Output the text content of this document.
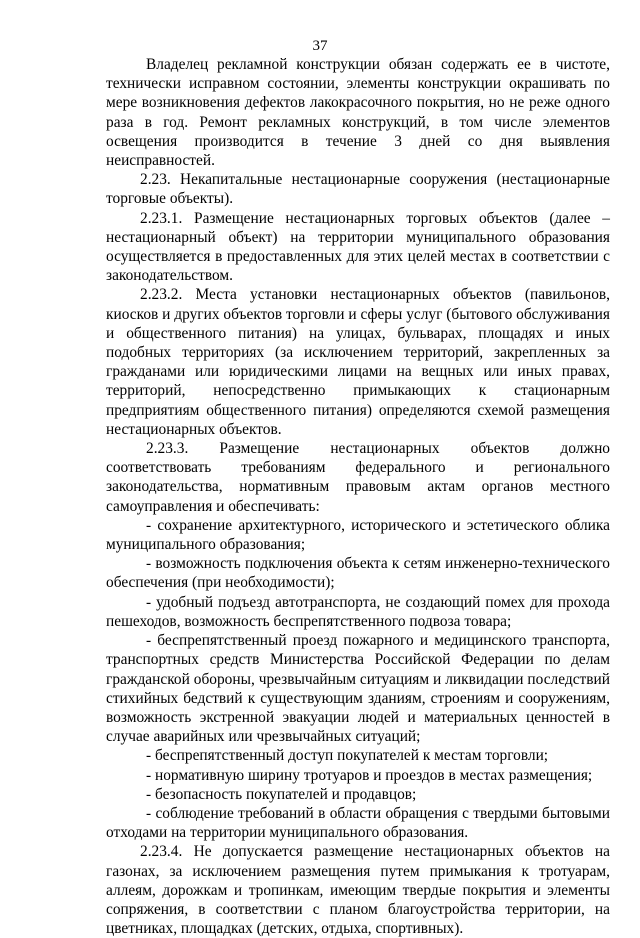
37

Владелец рекламной конструкции обязан содержать ее в чистоте, технически исправном состоянии, элементы конструкции окрашивать по мере возникновения дефектов лакокрасочного покрытия, но не реже одного раза в год. Ремонт рекламных конструкций, в том числе элементов освещения производится в течение 3 дней со дня выявления неисправностей.

2.23. Некапитальные нестационарные сооружения (нестационарные торговые объекты).

2.23.1. Размещение нестационарных торговых объектов (далее – нестационарный объект) на территории муниципального образования осуществляется в предоставленных для этих целей местах в соответствии с законодательством.

2.23.2. Места установки нестационарных объектов (павильонов, киосков и других объектов торговли и сферы услуг (бытового обслуживания и общественного питания) на улицах, бульварах, площадях и иных подобных территориях (за исключением территорий, закрепленных за гражданами или юридическими лицами на вещных или иных правах, территорий, непосредственно примыкающих к стационарным предприятиям общественного питания) определяются схемой размещения нестационарных объектов.

2.23.3. Размещение нестационарных объектов должно соответствовать требованиям федерального и регионального законодательства, нормативным правовым актам органов местного самоуправления и обеспечивать:

- сохранение архитектурного, исторического и эстетического облика муниципального образования;

- возможность подключения объекта к сетям инженерно-технического обеспечения (при необходимости);

- удобный подъезд автотранспорта, не создающий помех для прохода пешеходов, возможность беспрепятственного подвоза товара;

- беспрепятственный проезд пожарного и медицинского транспорта, транспортных средств Министерства Российской Федерации по делам гражданской обороны, чрезвычайным ситуациям и ликвидации последствий стихийных бедствий к существующим зданиям, строениям и сооружениям, возможность экстренной эвакуации людей и материальных ценностей в случае аварийных или чрезвычайных ситуаций;

- беспрепятственный доступ покупателей к местам торговли;

- нормативную ширину тротуаров и проездов в местах размещения;

- безопасность покупателей и продавцов;

- соблюдение требований в области обращения с твердыми бытовыми отходами на территории муниципального образования.

2.23.4. Не допускается размещение нестационарных объектов на газонах, за исключением размещения путем примыкания к тротуарам, аллеям, дорожкам и тропинкам, имеющим твердые покрытия и элементы сопряжения, в соответствии с планом благоустройства территории, на цветниках, площадках (детских, отдыха, спортивных).
